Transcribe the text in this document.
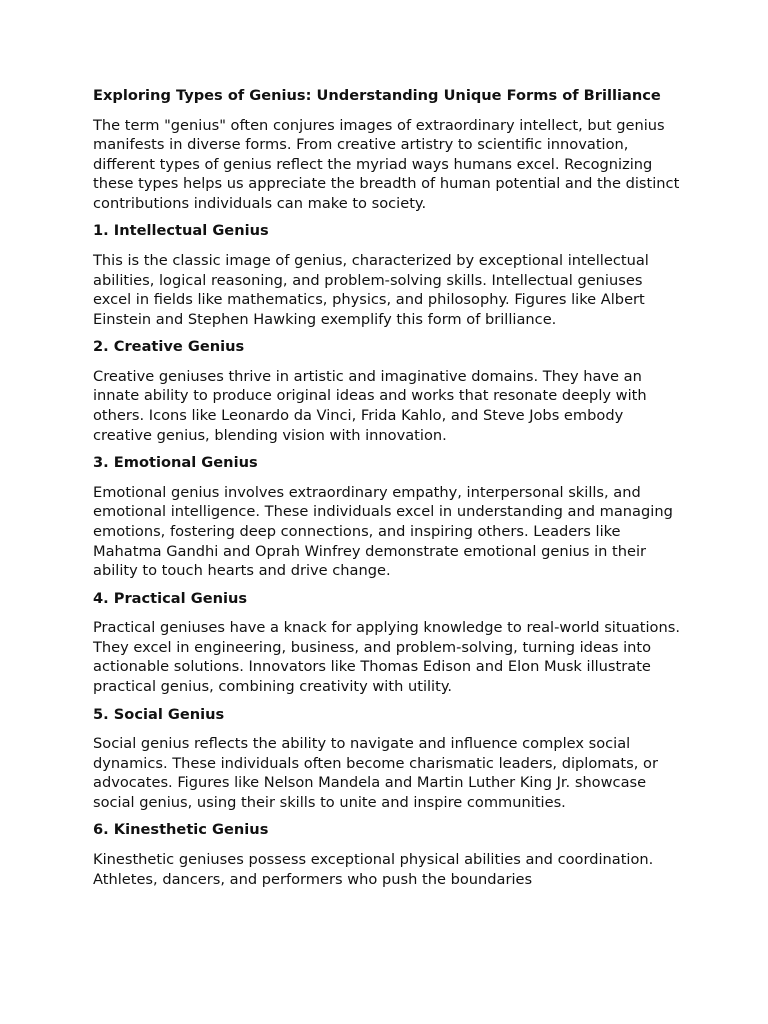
Exploring Types of Genius: Understanding Unique Forms of Brilliance

The term "genius" often conjures images of extraordinary intellect, but genius manifests in diverse forms. From creative artistry to scientific innovation, different types of genius reflect the myriad ways humans excel. Recognizing these types helps us appreciate the breadth of human potential and the distinct contributions individuals can make to society.

1. Intellectual Genius

This is the classic image of genius, characterized by exceptional intellectual abilities, logical reasoning, and problem-solving skills. Intellectual geniuses excel in fields like mathematics, physics, and philosophy. Figures like Albert Einstein and Stephen Hawking exemplify this form of brilliance.

2. Creative Genius

Creative geniuses thrive in artistic and imaginative domains. They have an innate ability to produce original ideas and works that resonate deeply with others. Icons like Leonardo da Vinci, Frida Kahlo, and Steve Jobs embody creative genius, blending vision with innovation.

3. Emotional Genius

Emotional genius involves extraordinary empathy, interpersonal skills, and emotional intelligence. These individuals excel in understanding and managing emotions, fostering deep connections, and inspiring others. Leaders like Mahatma Gandhi and Oprah Winfrey demonstrate emotional genius in their ability to touch hearts and drive change.

4. Practical Genius

Practical geniuses have a knack for applying knowledge to real-world situations. They excel in engineering, business, and problem-solving, turning ideas into actionable solutions. Innovators like Thomas Edison and Elon Musk illustrate practical genius, combining creativity with utility.

5. Social Genius

Social genius reflects the ability to navigate and influence complex social dynamics. These individuals often become charismatic leaders, diplomats, or advocates. Figures like Nelson Mandela and Martin Luther King Jr. showcase social genius, using their skills to unite and inspire communities.

6. Kinesthetic Genius

Kinesthetic geniuses possess exceptional physical abilities and coordination. Athletes, dancers, and performers who push the boundaries
